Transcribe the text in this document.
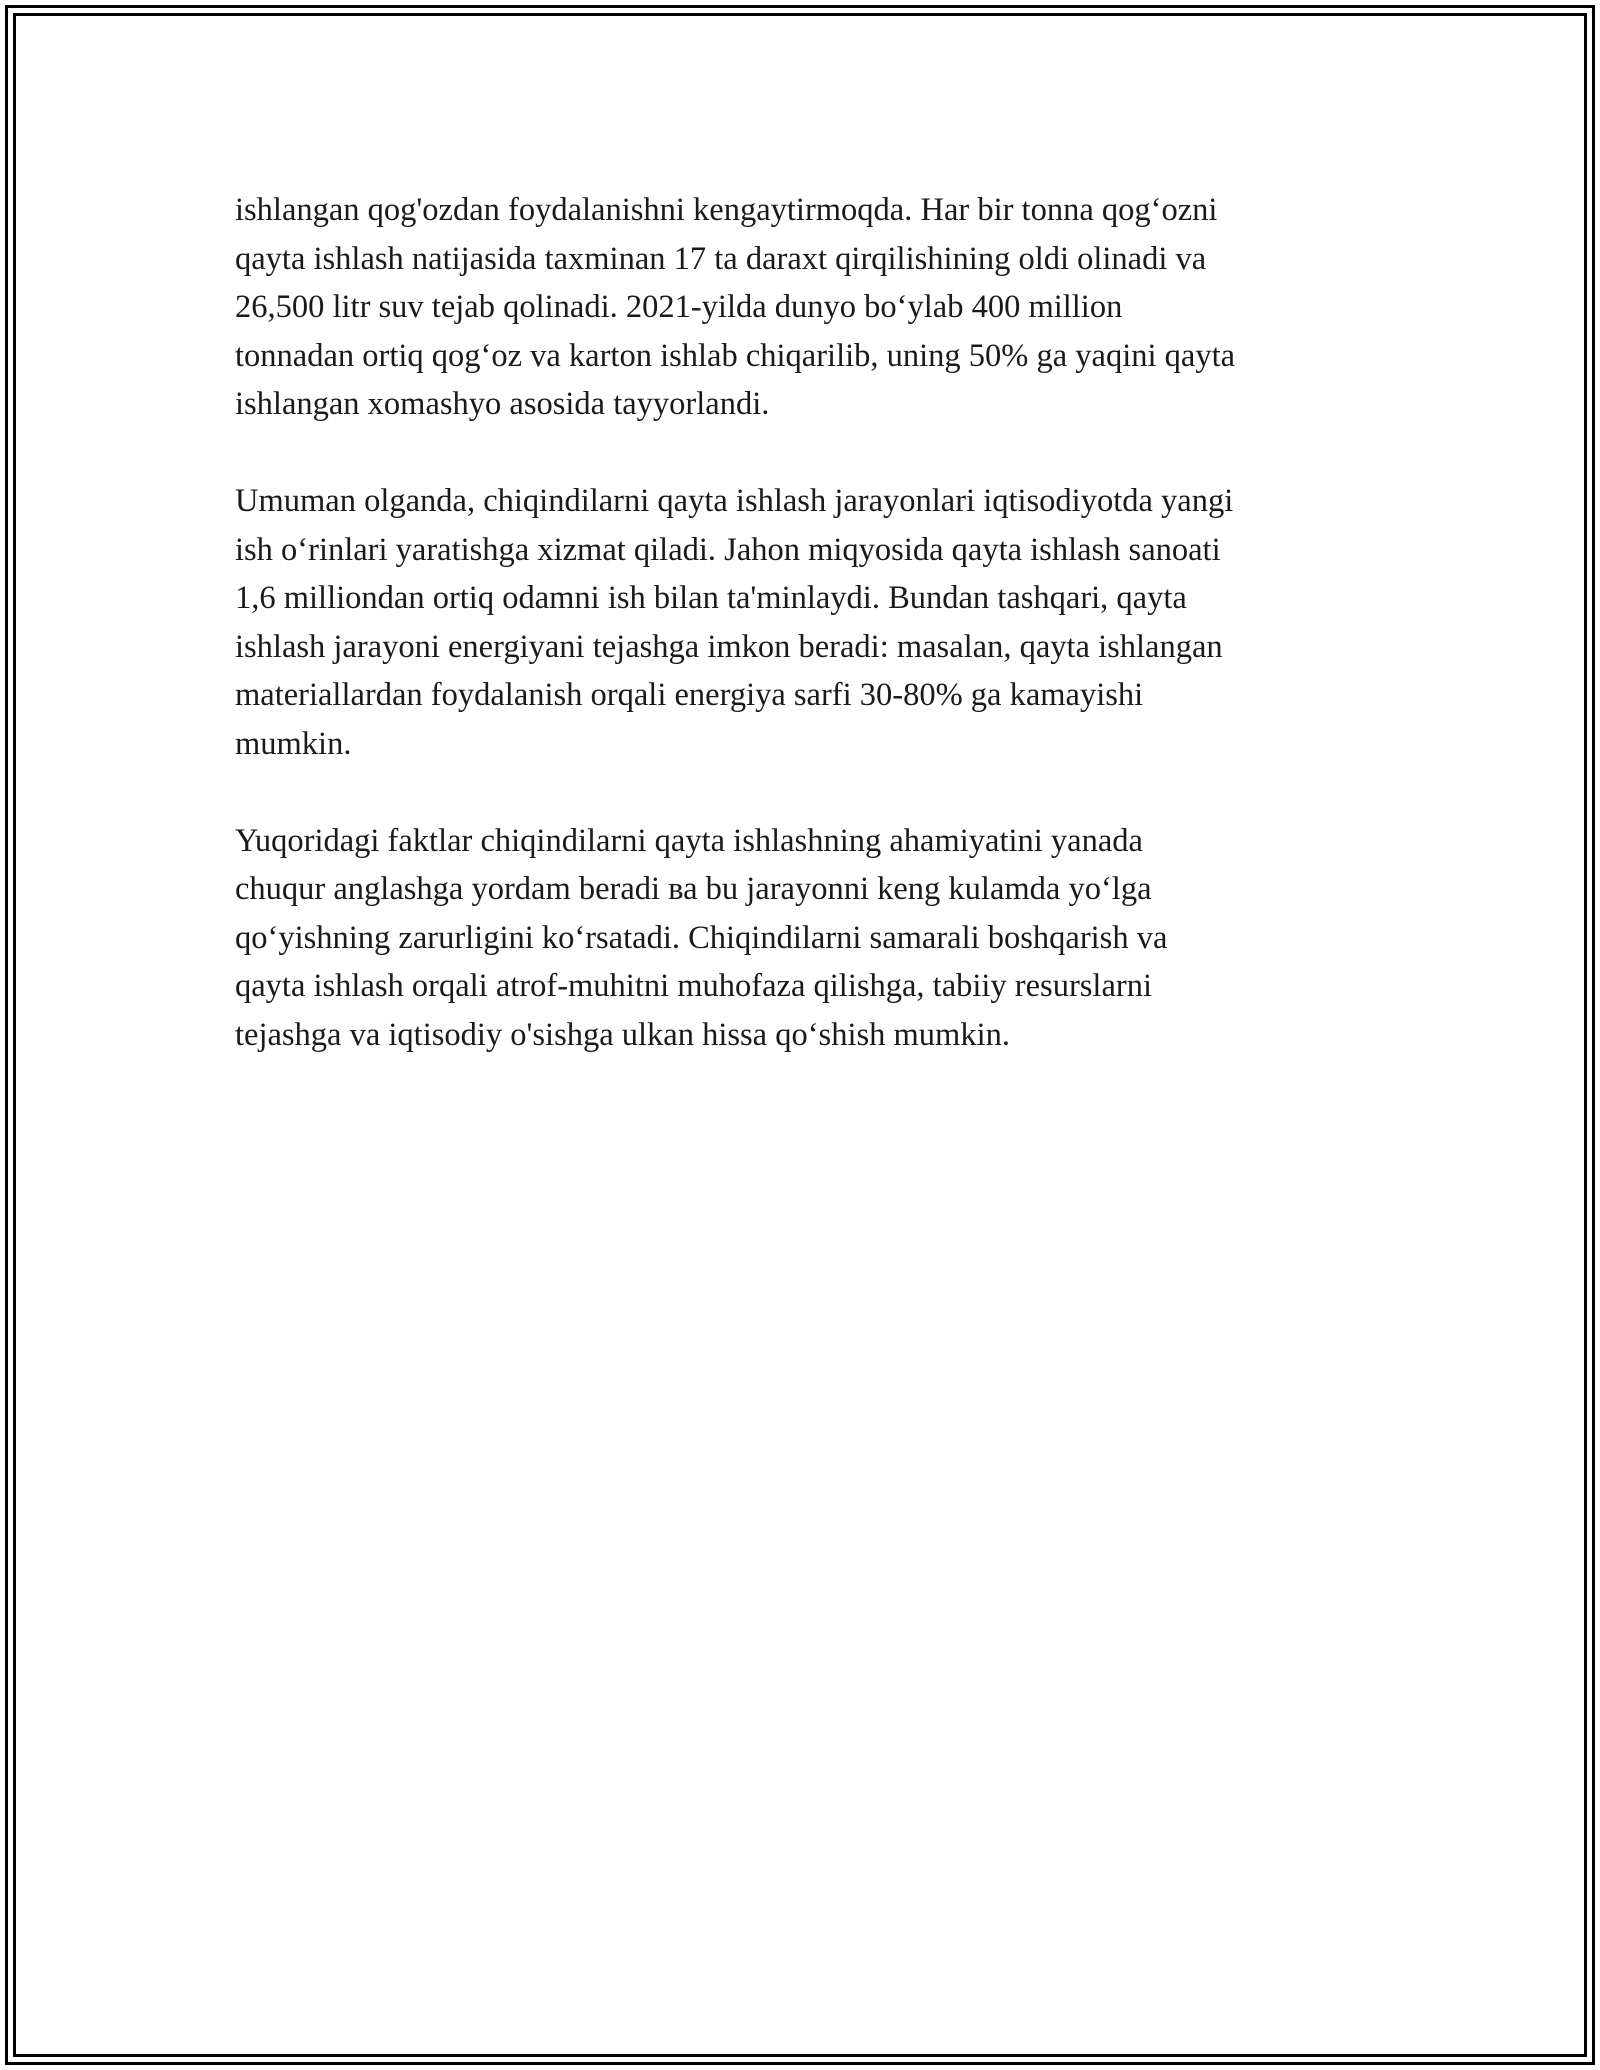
ishlangan qog'ozdan foydalanishni kengaytirmoqda. Har bir tonna qog‘ozni
qayta ishlash natijasida taxminan 17 ta daraxt qirqilishining oldi olinadi va
26,500 litr suv tejab qolinadi. 2021-yilda dunyo bo‘ylab 400 million
tonnadan ortiq qog‘oz va karton ishlab chiqarilib, uning 50% ga yaqini qayta
ishlangan xomashyo asosida tayyorlandi.

Umuman olganda, chiqindilarni qayta ishlash jarayonlari iqtisodiyotda yangi
ish o‘rinlari yaratishga xizmat qiladi. Jahon miqyosida qayta ishlash sanoati
1,6 milliondan ortiq odamni ish bilan ta'minlaydi. Bundan tashqari, qayta
ishlash jarayoni energiyani tejashga imkon beradi: masalan, qayta ishlangan
materiallardan foydalanish orqali energiya sarfi 30-80% ga kamayishi
mumkin.

Yuqoridagi faktlar chiqindilarni qayta ishlashning ahamiyatini yanada
chuqur anglashga yordam beradi ва bu jarayonni keng kulamda yo‘lga
qo‘yishning zarurligini ko‘rsatadi. Chiqindilarni samarali boshqarish va
qayta ishlash orqali atrof-muhitni muhofaza qilishga, tabiiy resurslarni
tejashga va iqtisodiy o'sishga ulkan hissa qo‘shish mumkin.
